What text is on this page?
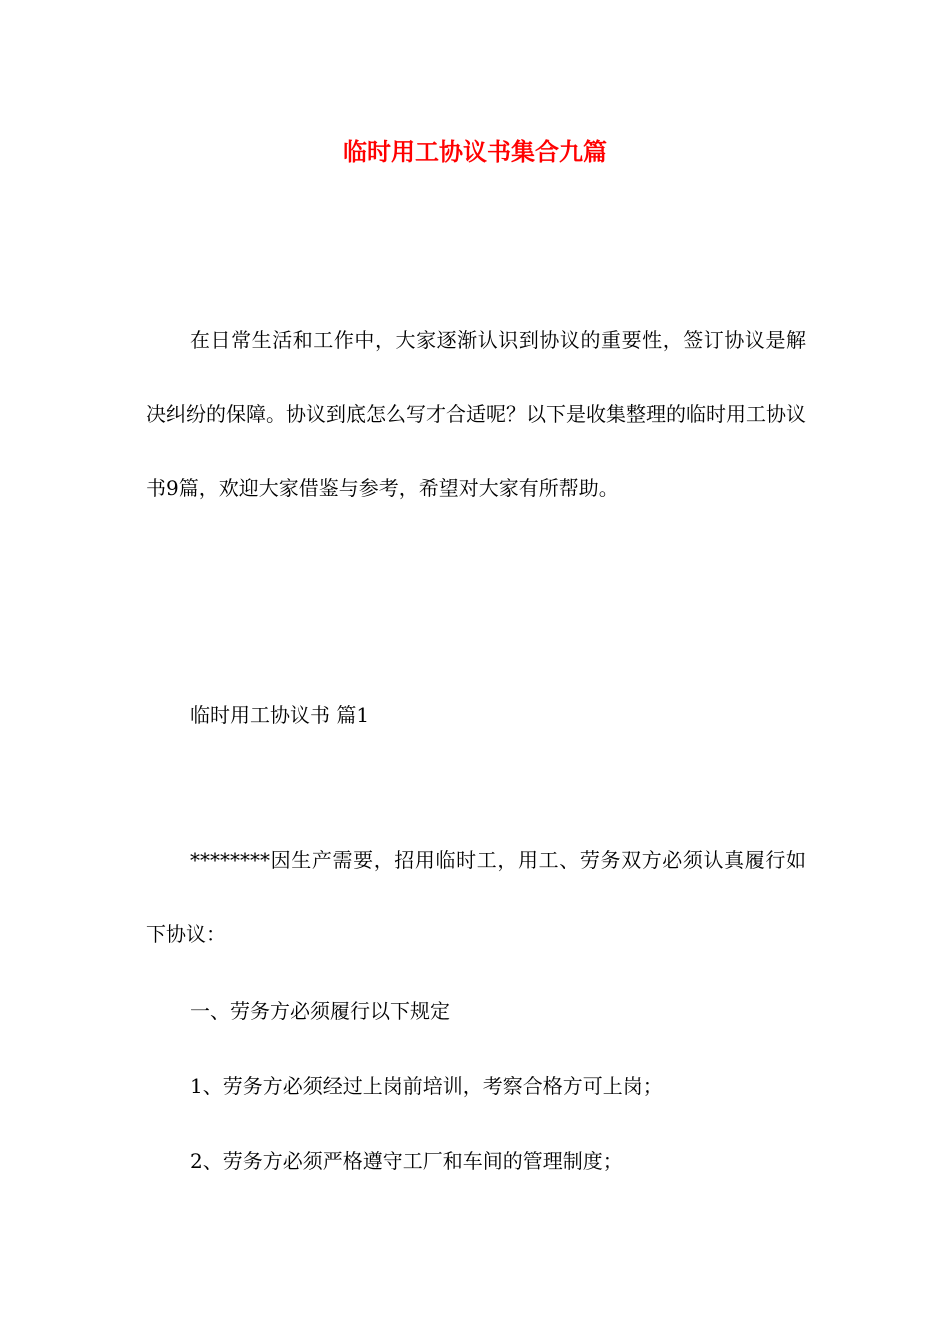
临时用工协议书集合九篇

在日常生活和工作中，大家逐渐认识到协议的重要性，签订协议是解决纠纷的保障。协议到底怎么写才合适呢？以下是收集整理的临时用工协议书9篇，欢迎大家借鉴与参考，希望对大家有所帮助。

临时用工协议书 篇1

********因生产需要，招用临时工，用工、劳务双方必须认真履行如下协议：

一、劳务方必须履行以下规定

1、劳务方必须经过上岗前培训，考察合格方可上岗；

2、劳务方必须严格遵守工厂和车间的管理制度；
